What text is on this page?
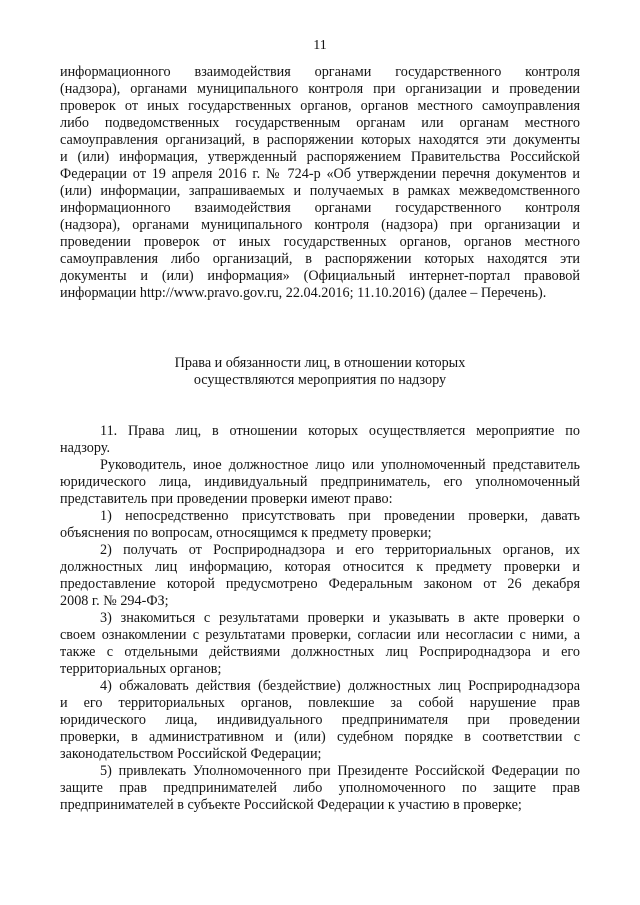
11
информационного взаимодействия органами государственного контроля
(надзора), органами муниципального контроля при организации и проведении
проверок от иных государственных органов, органов местного самоуправления
либо подведомственных государственным органам или органам местного
самоуправления организаций, в распоряжении которых находятся эти документы
и (или) информация, утвержденный распоряжением Правительства Российской
Федерации от 19 апреля 2016 г. № 724-р «Об утверждении перечня документов и
(или) информации, запрашиваемых и получаемых в рамках межведомственного
информационного взаимодействия органами государственного контроля
(надзора), органами муниципального контроля (надзора) при организации и
проведении проверок от иных государственных органов, органов местного
самоуправления либо организаций, в распоряжении которых находятся эти
документы и (или) информация» (Официальный интернет-портал правовой
информации http://www.pravo.gov.ru, 22.04.2016; 11.10.2016) (далее – Перечень).
Права и обязанности лиц, в отношении которых
осуществляются мероприятия по надзору
11. Права лиц, в отношении которых осуществляется мероприятие по
надзору.
Руководитель, иное должностное лицо или уполномоченный представитель
юридического лица, индивидуальный предприниматель, его уполномоченный
представитель при проведении проверки имеют право:
1) непосредственно присутствовать при проведении проверки, давать
объяснения по вопросам, относящимся к предмету проверки;
2) получать от Росприроднадзора и его территориальных органов, их
должностных лиц информацию, которая относится к предмету проверки и
предоставление которой предусмотрено Федеральным законом от 26 декабря
2008 г. № 294-ФЗ;
3) знакомиться с результатами проверки и указывать в акте проверки о
своем ознакомлении с результатами проверки, согласии или несогласии с ними, а
также с отдельными действиями должностных лиц Росприроднадзора и его
территориальных органов;
4) обжаловать действия (бездействие) должностных лиц Росприроднадзора
и его территориальных органов, повлекшие за собой нарушение прав
юридического лица, индивидуального предпринимателя при проведении
проверки, в административном и (или) судебном порядке в соответствии с
законодательством Российской Федерации;
5) привлекать Уполномоченного при Президенте Российской Федерации по
защите прав предпринимателей либо уполномоченного по защите прав
предпринимателей в субъекте Российской Федерации к участию в проверке;
